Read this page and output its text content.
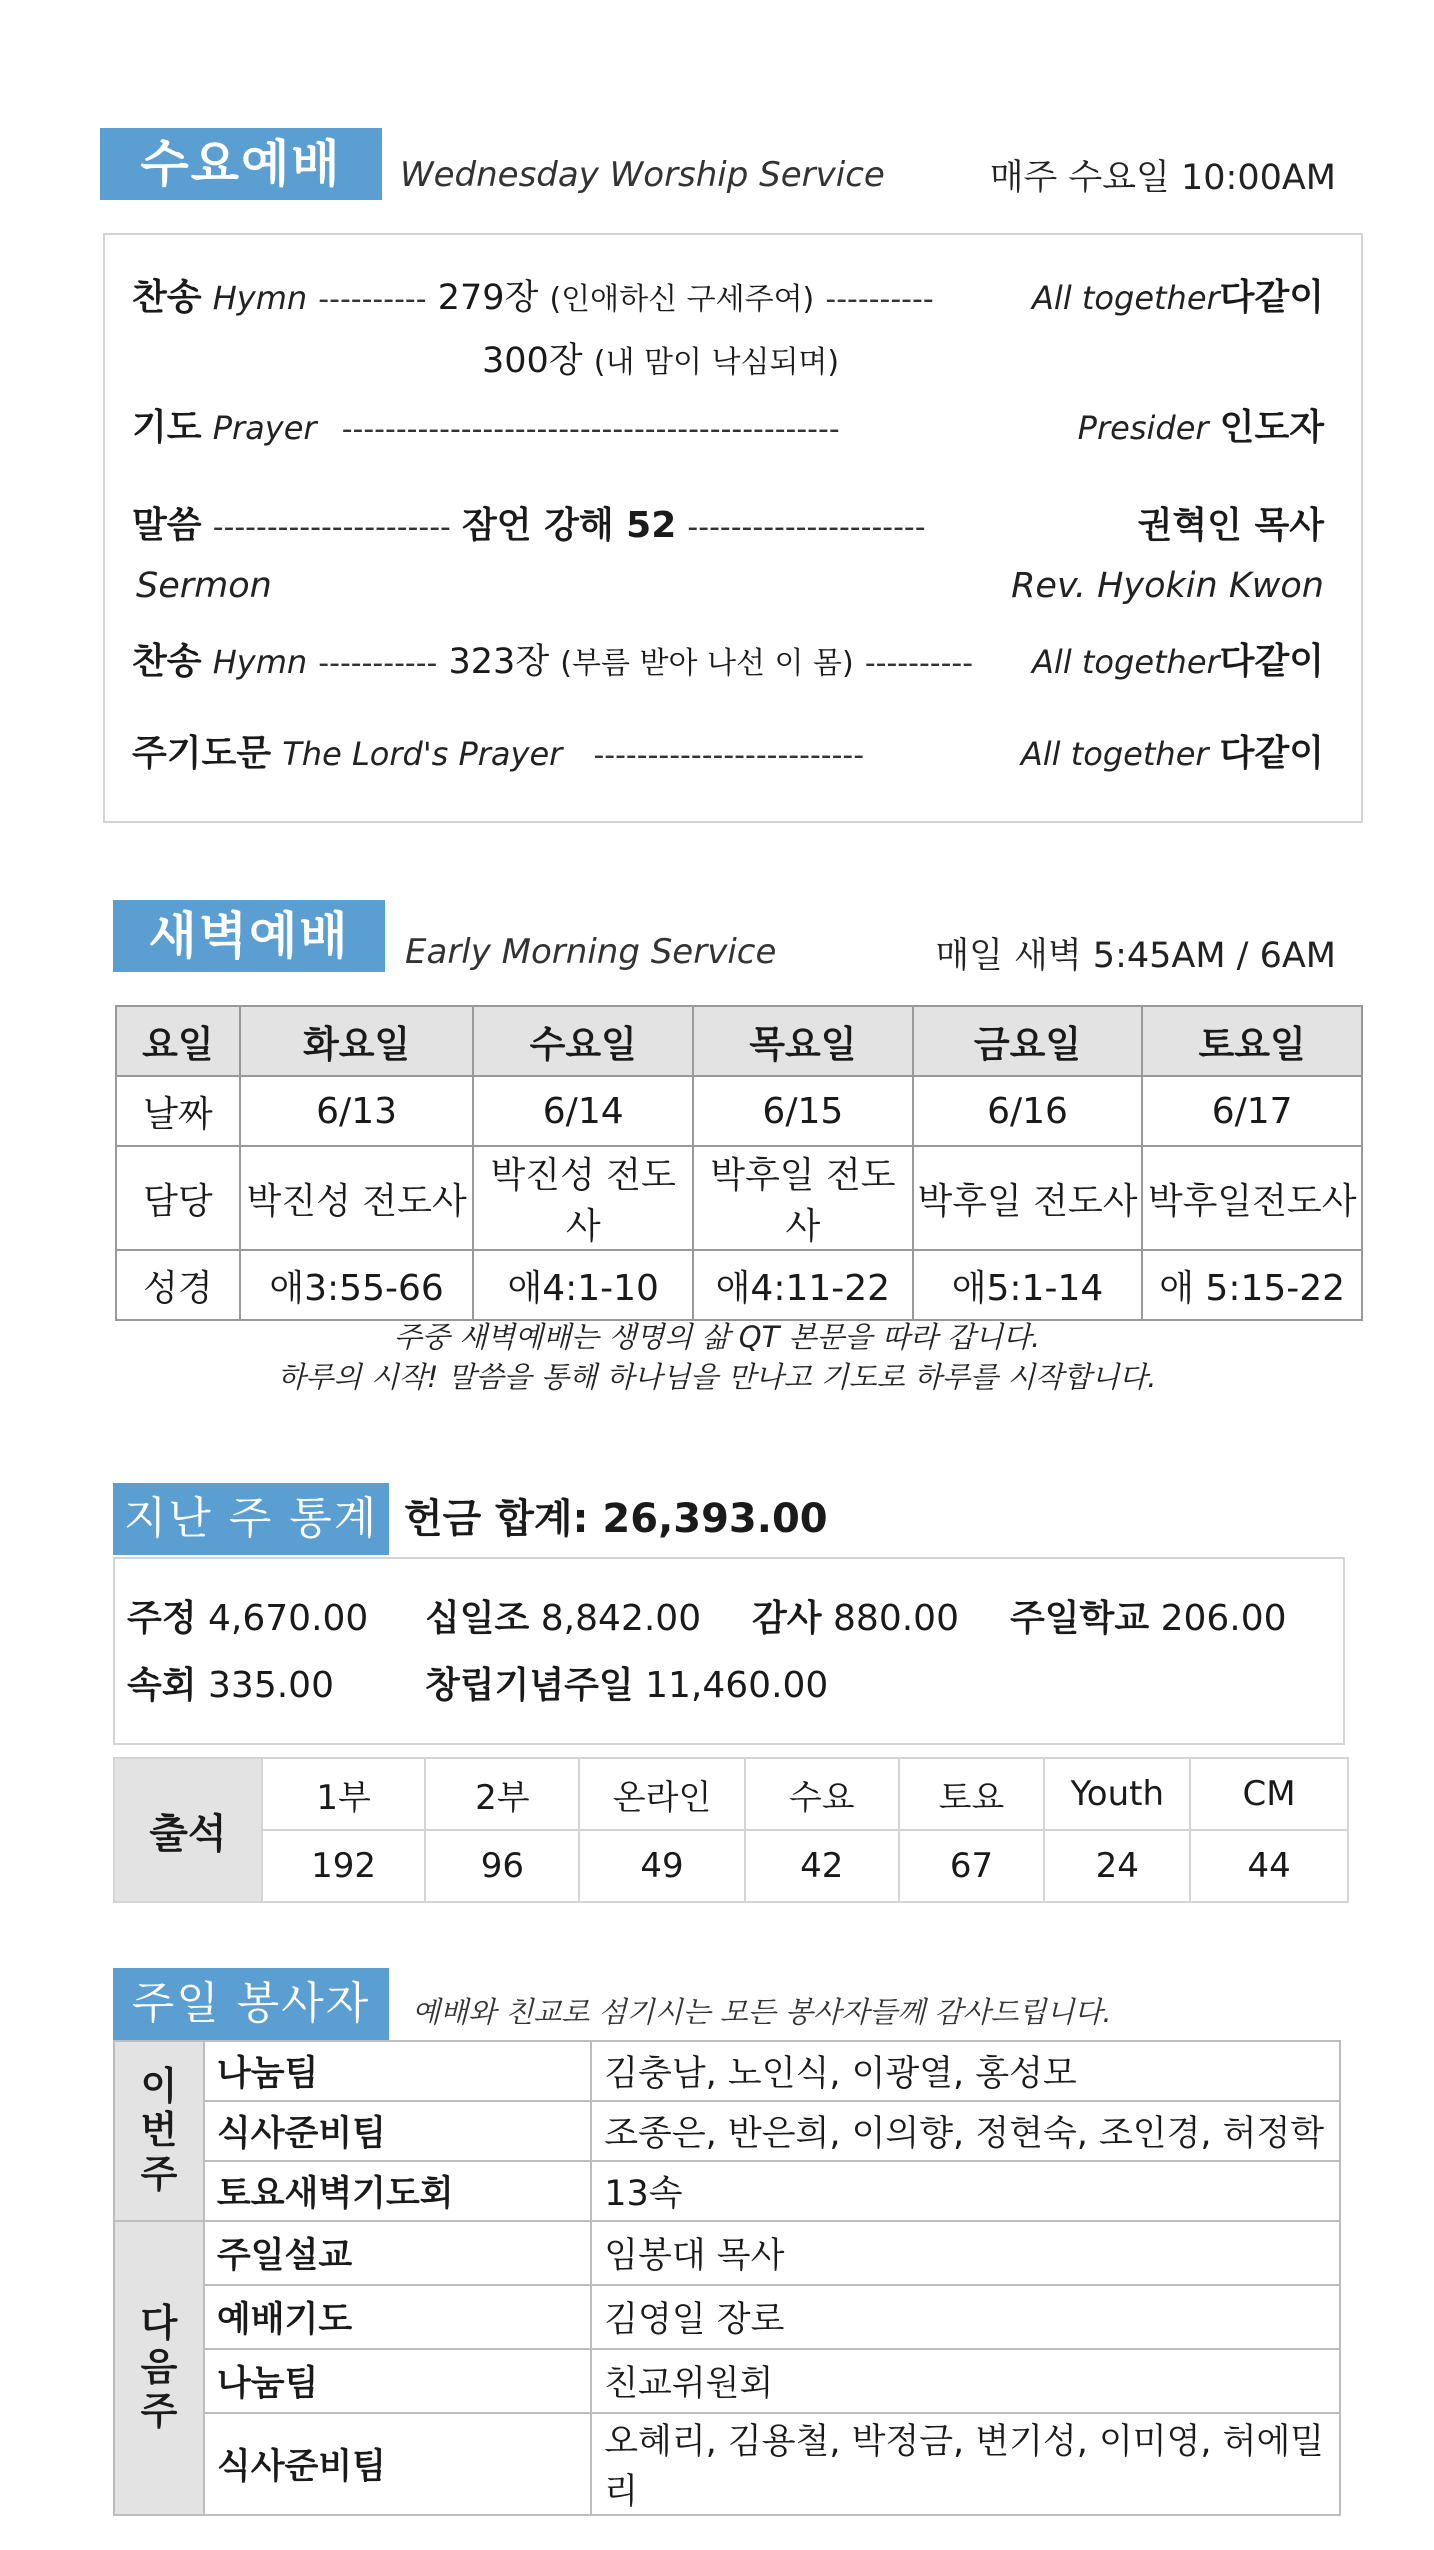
수요예배	Wednesday Worship Service	매주 수요일 10:00AM
찬송 Hymn ---------- 279장 (인애하신 구세주여) ----------	All together다같이
300장 (내 맘이 낙심되며)
기도 Prayer ----------------------------------------------	Presider 인도자
말씀 ---------------------- 잠언 강해 52 ----------------------	권혁인 목사
Sermon	Rev. Hyokin Kwon
찬송 Hymn ----------- 323장 (부름 받아 나선 이 몸) ---------- All together다같이
주기도문 The Lord's Prayer -------------------------	All together 다같이
새벽예배	Early Morning Service	매일 새벽 5:45AM / 6AM
요일	화요일	수요일	목요일	금요일	토요일
날짜	6/13	6/14	6/15	6/16	6/17
담당	박진성 전도사	박진성 전도사	박후일 전도사	박후일 전도사	박후일전도사
성경	애3:55-66	애4:1-10	애4:11-22	애5:1-14	애 5:15-22
주중 새벽예배는 생명의 삶 QT 본문을 따라 갑니다.
하루의 시작! 말씀을 통해 하나님을 만나고 기도로 하루를 시작합니다.
지난 주 통계 헌금 합계: 26,393.00
주정 4,670.00 십일조 8,842.00 감사 880.00 주일학교 206.00
속회 335.00	창립기념주일 11,460.00
출석	1부	2부	온라인	수요	토요	Youth	CM
	192	96	49	42	67	24	44
주일 봉사자	예배와 친교로 섬기시는 모든 봉사자들께 감사드립니다.
이
번
주	나눔팀	김충남, 노인식, 이광열, 홍성모
	식사준비팀	조종은, 반은희, 이의향, 정현숙, 조인경, 허정학
	토요새벽기도회	13속
다
음
주	주일설교	임봉대 목사
	예배기도	김영일 장로
	나눔팀	친교위원회
	식사준비팀	오혜리, 김용철, 박정금, 변기성, 이미영, 허에밀리
